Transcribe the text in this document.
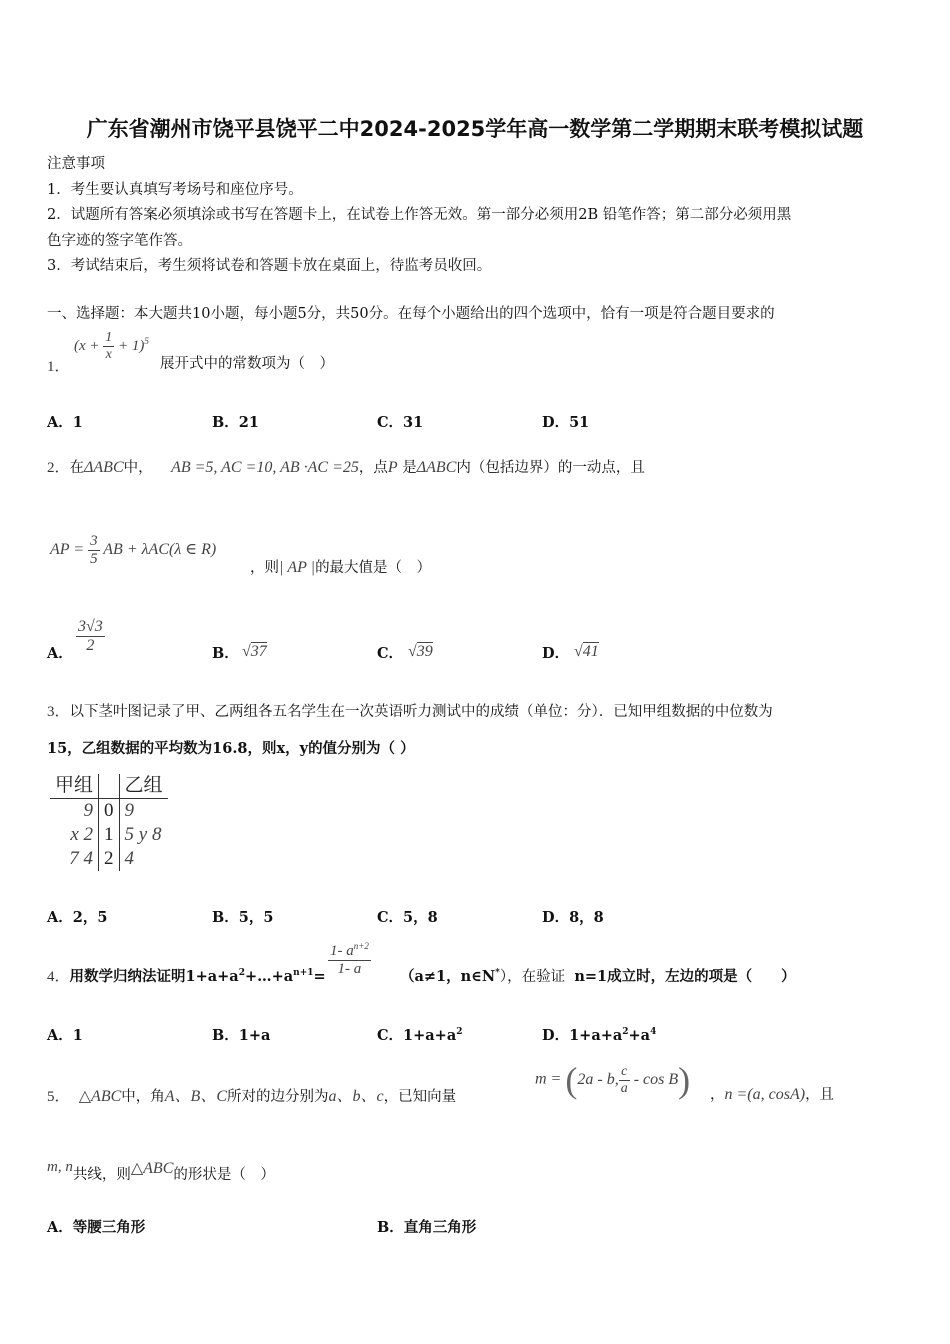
广东省潮州市饶平县饶平二中2024-2025学年高一数学第二学期期末联考模拟试题
注意事项
1．考生要认真填写考场号和座位序号。
2．试题所有答案必须填涂或书写在答题卡上，在试卷上作答无效。第一部分必须用2B 铅笔作答；第二部分必须用黑
色字迹的签字笔作答。
3．考试结束后，考生须将试卷和答题卡放在桌面上，待监考员收回。
一、选择题：本大题共10小题，每小题5分，共50分。在每个小题给出的四个选项中，恰有一项是符合题目要求的
1．
$(x + \frac{1}{x} + 1)^5$
展开式中的常数项为（　）
A．1	B．21	C．31	D．51
2．在ΔABC中， AB =5, AC =10, AB ·AC =25，点P 是ΔABC内（包括边界）的一动点，且
AP = $\frac{3}{5}$ AB + λAC(λ ∈ R)
，则| AP |的最大值是（　）
A． $\frac{3√3}{2}$	B． √37	C． √39	D． √41
3．以下茎叶图记录了甲、乙两组各五名学生在一次英语听力测试中的成绩（单位：分）．已知甲组数据的中位数为
15，乙组数据的平均数为16.8，则x，y的值分别为（ ）
甲组		乙组
9	0	9
x 2	1	5 y 8
7 4	2	4
A．2，5	B．5，5	C．5，8	D．8，8
4．用数学归纳法证明$1+a+a^2+\dots+a^{n+1}= \frac{1- a^{n+2}}{1- a} (a\ne 1$，n∈N*），在验证 n=1成立时，左边的项是（　　）
A．1	B．1+a	C．$1+a+a^2$	D．$1+a+a^2+a^4$
5． △ABC中，角A、B、C所对的边分别为a、b、c，已知向量
m = (2a - b, $\frac{c}{a}$ - cos B) ，n =(a, cosA)，且
m, n共线，则△ABC的形状是（　）
A．等腰三角形	B．直角三角形
